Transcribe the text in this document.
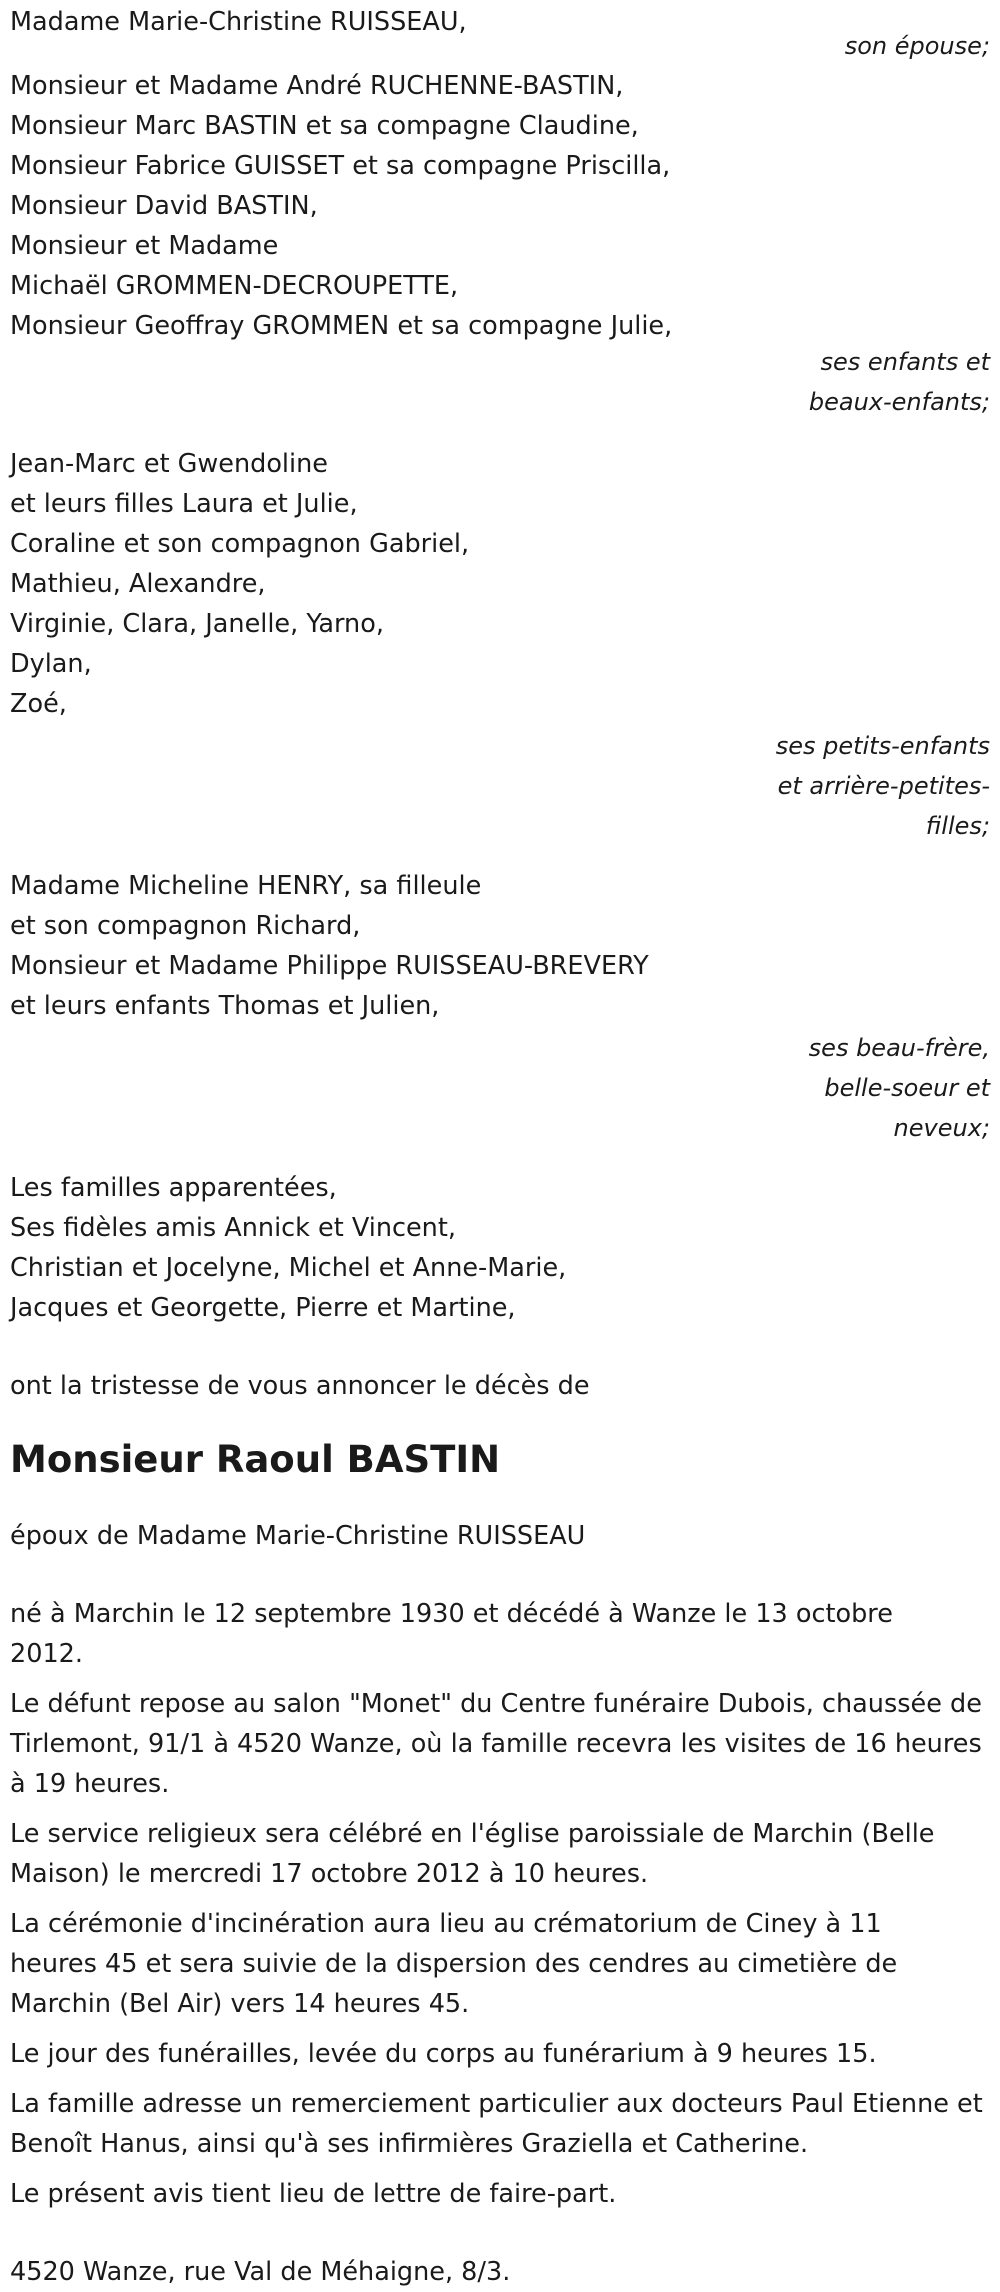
Madame Marie-Christine RUISSEAU,
son épouse;
Monsieur et Madame André RUCHENNE-BASTIN,
Monsieur Marc BASTIN et sa compagne Claudine,
Monsieur Fabrice GUISSET et sa compagne Priscilla,
Monsieur David BASTIN,
Monsieur et Madame
Michaël GROMMEN-DECROUPETTE,
Monsieur Geoffray GROMMEN et sa compagne Julie,
ses enfants et
beaux-enfants;
Jean-Marc et Gwendoline
et leurs filles Laura et Julie,
Coraline et son compagnon Gabriel,
Mathieu, Alexandre,
Virginie, Clara, Janelle, Yarno,
Dylan,
Zoé,
ses petits-enfants
et arrière-petites-
filles;
Madame Micheline HENRY, sa filleule
et son compagnon Richard,
Monsieur et Madame Philippe RUISSEAU-BREVERY
et leurs enfants Thomas et Julien,
ses beau-frère,
belle-soeur et
neveux;
Les familles apparentées,
Ses fidèles amis Annick et Vincent,
Christian et Jocelyne, Michel et Anne-Marie,
Jacques et Georgette, Pierre et Martine,
ont la tristesse de vous annoncer le décès de
Monsieur Raoul BASTIN
époux de Madame Marie-Christine RUISSEAU
né à Marchin le 12 septembre 1930 et décédé à Wanze le 13 octobre 2012.
Le défunt repose au salon "Monet" du Centre funéraire Dubois, chaussée de Tirlemont, 91/1 à 4520 Wanze, où la famille recevra les visites de 16 heures à 19 heures.
Le service religieux sera célébré en l'église paroissiale de Marchin (Belle Maison) le mercredi 17 octobre 2012 à 10 heures.
La cérémonie d'incinération aura lieu au crématorium de Ciney à 11 heures 45 et sera suivie de la dispersion des cendres au cimetière de Marchin (Bel Air) vers 14 heures 45.
Le jour des funérailles, levée du corps au funérarium à 9 heures 15.
La famille adresse un remerciement particulier aux docteurs Paul Etienne et Benoît Hanus, ainsi qu'à ses infirmières Graziella et Catherine.
Le présent avis tient lieu de lettre de faire-part.
4520 Wanze, rue Val de Méhaigne, 8/3.
